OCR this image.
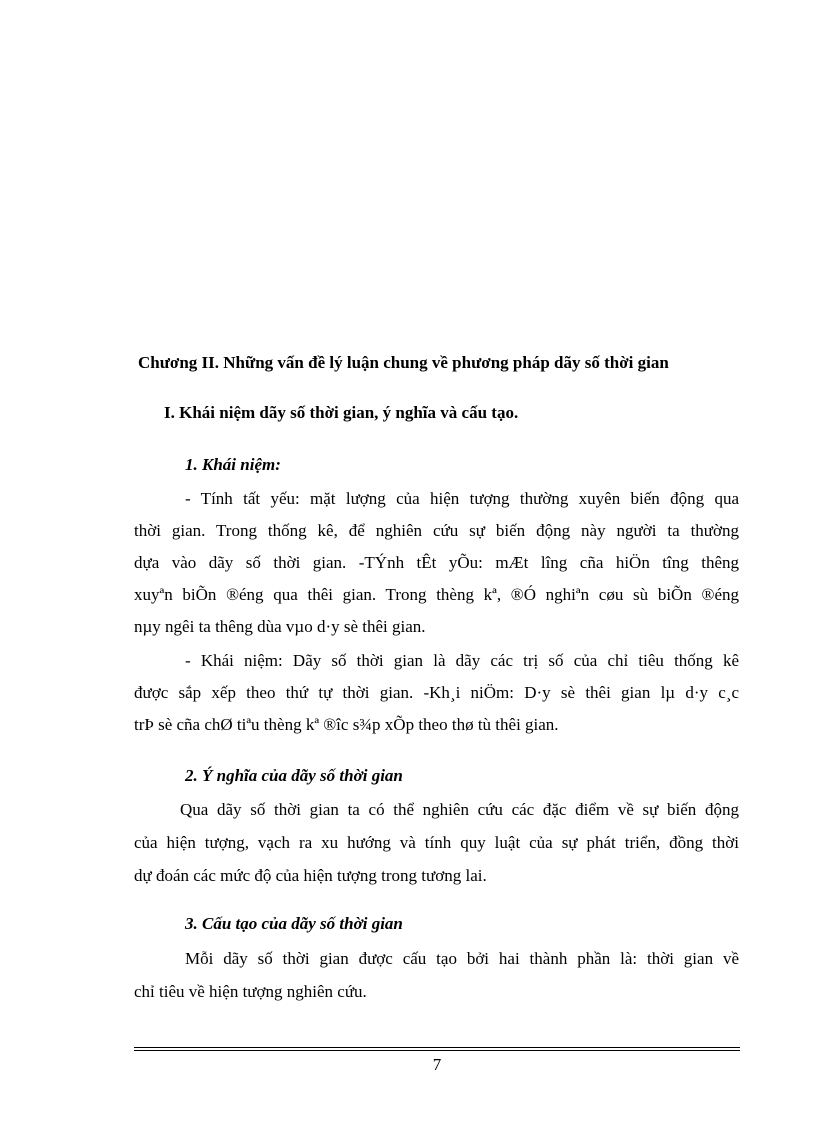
Chương II. Những vấn đề lý luận chung về phương pháp dãy số thời gian
I. Khái niệm dãy số thời gian, ý nghĩa và cấu tạo.
1. Khái niệm:
- Tính tất yếu: mặt lượng của hiện tượng thường xuyên biến động qua
thời gian. Trong thống kê, để nghiên cứu sự biến động này người ta thường
dựa vào dãy số thời gian. -TÝnh tÊt yÕu: mÆt lîng cña hiÖn tîng thêng
xuyªn biÕn ®éng qua thêi gian. Trong thèng kª, ®Ó nghiªn cøu sù biÕn ®éng
nµy ngêi ta thêng dùa vµo d·y sè thêi gian.
- Khái niệm: Dãy số thời gian là dãy các trị số của chỉ tiêu thống kê
được sắp xếp theo thứ tự thời gian. -Kh¸i niÖm: D·y sè thêi gian lµ d·y c¸c
trÞ sè cña chØ tiªu thèng kª ®îc s¾p xÕp theo thø tù thêi gian.
2. Ý nghĩa của dãy số thời gian
Qua dãy số thời gian ta có thể nghiên cứu các đặc điểm về sự biến động
của hiện tượng, vạch ra xu hướng và tính quy luật của sự phát triển, đồng thời
dự đoán các mức độ của hiện tượng trong tương lai.
3. Cấu tạo của dãy số thời gian
Mỗi dãy số thời gian được cấu tạo bởi hai thành phần là: thời gian về
chỉ tiêu về hiện tượng nghiên cứu.
7
